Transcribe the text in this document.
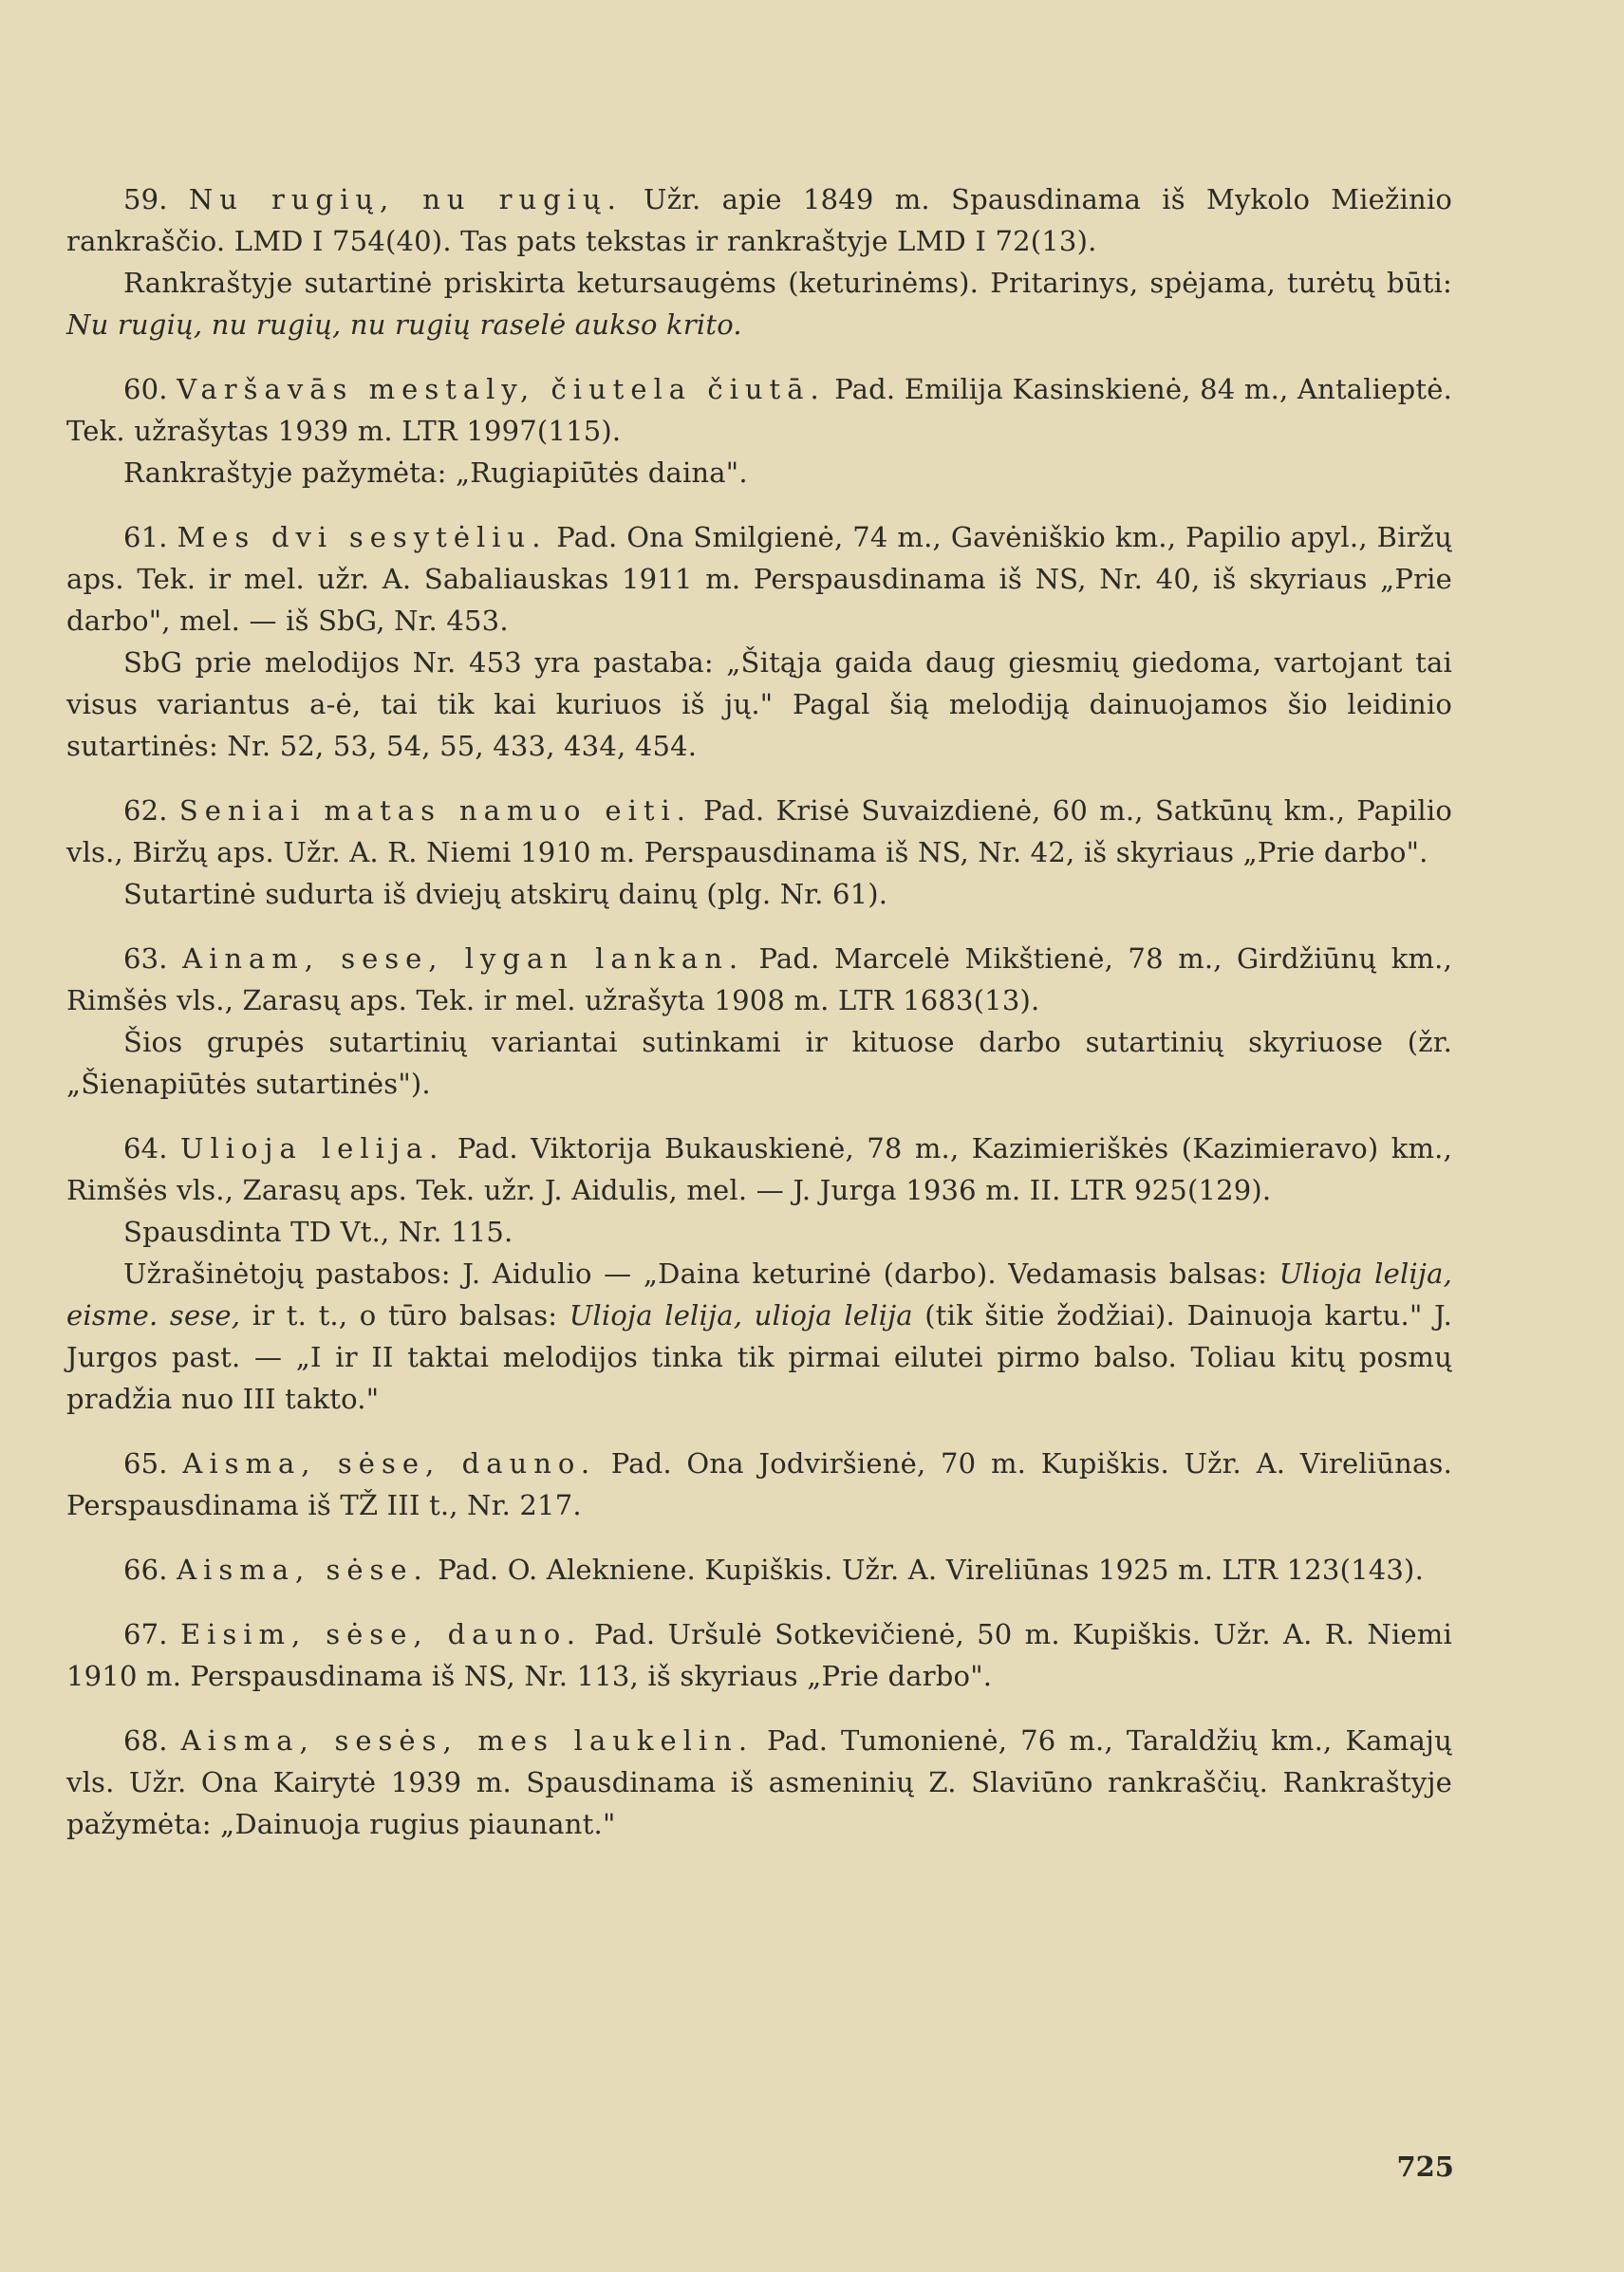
59. Nu rugių, nu rugių. Užr. apie 1849 m. Spausdinama iš Mykolo Miežinio rankraščio. LMD I 754(40). Tas pats tekstas ir rankraštyje LMD I 72(13).

Rankraštyje sutartinė priskirta ketursaugėms (keturinėms). Pritarinys, spėjama, turėtų būti: Nu rugių, nu rugių, nu rugių raselė aukso krito.

60. Varšavās mestaly, čiutela čiutā. Pad. Emilija Kasinskienė, 84 m., Antalieptė. Tek. užrašytas 1939 m. LTR 1997(115).

Rankraštyje pažymėta: „Rugiapiūtės daina".

61. Mes dvi sesytėliu. Pad. Ona Smilgienė, 74 m., Gavėniškio km., Papilio apyl., Biržų aps. Tek. ir mel. užr. A. Sabaliauskas 1911 m. Perspausdinama iš NS, Nr. 40, iš skyriaus „Prie darbo", mel. — iš SbG, Nr. 453.

SbG prie melodijos Nr. 453 yra pastaba: „Šitąja gaida daug giesmių giedoma, vartojant tai visus variantus a-ė, tai tik kai kuriuos iš jų." Pagal šią melodiją dainuojamos šio leidinio sutartinės: Nr. 52, 53, 54, 55, 433, 434, 454.

62. Seniai matas namuo eiti. Pad. Krisė Suvaizdienė, 60 m., Satkūnų km., Papilio vls., Biržų aps. Užr. A. R. Niemi 1910 m. Perspausdinama iš NS, Nr. 42, iš skyriaus „Prie darbo".

Sutartinė sudurta iš dviejų atskirų dainų (plg. Nr. 61).

63. Ainam, sese, lygan lankan. Pad. Marcelė Mikštienė, 78 m., Girdžiūnų km., Rimšės vls., Zarasų aps. Tek. ir mel. užrašyta 1908 m. LTR 1683(13).

Šios grupės sutartinių variantai sutinkami ir kituose darbo sutartinių skyriuose (žr. „Šienapiūtės sutartinės").

64. Ulioja lelija. Pad. Viktorija Bukauskienė, 78 m., Kazimieriškės (Kazimieravo) km., Rimšės vls., Zarasų aps. Tek. užr. J. Aidulis, mel. — J. Jurga 1936 m. II. LTR 925(129).

Spausdinta TD Vt., Nr. 115.

Užrašinėtojų pastabos: J. Aidulio — „Daina keturinė (darbo). Vedamasis balsas: Ulioja lelija, eisme. sese, ir t. t., o tūro balsas: Ulioja lelija, ulioja lelija (tik šitie žodžiai). Dainuoja kartu." J. Jurgos past. — „I ir II taktai melodijos tinka tik pirmai eilutei pirmo balso. Toliau kitų posmų pradžia nuo III takto."

65. Aisma, sėse, dauno. Pad. Ona Jodviršienė, 70 m. Kupiškis. Užr. A. Vireliūnas. Perspausdinama iš TŽ III t., Nr. 217.

66. Aisma, sėse. Pad. O. Alekniene. Kupiškis. Užr. A. Vireliūnas 1925 m. LTR 123(143).

67. Eisim, sėse, dauno. Pad. Uršulė Sotkevičienė, 50 m. Kupiškis. Užr. A. R. Niemi 1910 m. Perspausdinama iš NS, Nr. 113, iš skyriaus „Prie darbo".

68. Aisma, sesės, mes laukelin. Pad. Tumonienė, 76 m., Taraldžių km., Kamajų vls. Užr. Ona Kairytė 1939 m. Spausdinama iš asmeninių Z. Slaviūno rankraščių. Rankraštyje pažymėta: „Dainuoja rugius piaunant."

725
